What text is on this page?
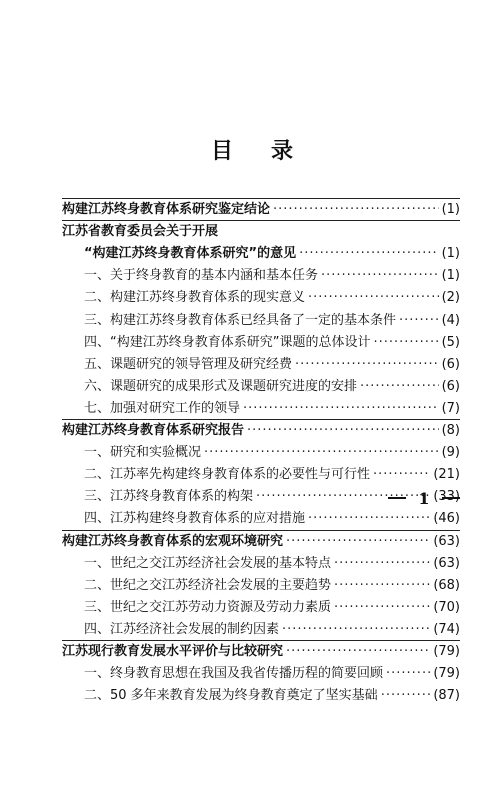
目 录
构建江苏终身教育体系研究鉴定结论 ·····	(1)
江苏省教育委员会关于开展
“构建江苏终身教育体系研究”的意见 ·····	(1)
一、关于终身教育的基本内涵和基本任务 ·····	(1)
二、构建江苏终身教育体系的现实意义 ·····	(2)
三、构建江苏终身教育体系已经具备了一定的基本条件 ·····	(4)
四、“构建江苏终身教育体系研究”课题的总体设计 ·····	(5)
五、课题研究的领导管理及研究经费 ·····	(6)
六、课题研究的成果形式及课题研究进度的安排 ·····	(6)
七、加强对研究工作的领导 ·····	(7)
构建江苏终身教育体系研究报告 ·····	(8)
一、研究和实验概况 ·····	(9)
二、江苏率先构建终身教育体系的必要性与可行性 ·····	(21)
三、江苏终身教育体系的构架 ·····	(33)
四、江苏构建终身教育体系的应对措施 ·····	(46)
构建江苏终身教育体系的宏观环境研究 ·····	(63)
一、世纪之交江苏经济社会发展的基本特点 ·····	(63)
二、世纪之交江苏经济社会发展的主要趋势 ·····	(68)
三、世纪之交江苏劳动力资源及劳动力素质 ·····	(70)
四、江苏经济社会发展的制约因素 ·····	(74)
江苏现行教育发展水平评价与比较研究 ·····	(79)
一、终身教育思想在我国及我省传播历程的简要回顾 ·····	(79)
二、50 多年来教育发展为终身教育奠定了坚实基础 ·····	(87)
1
